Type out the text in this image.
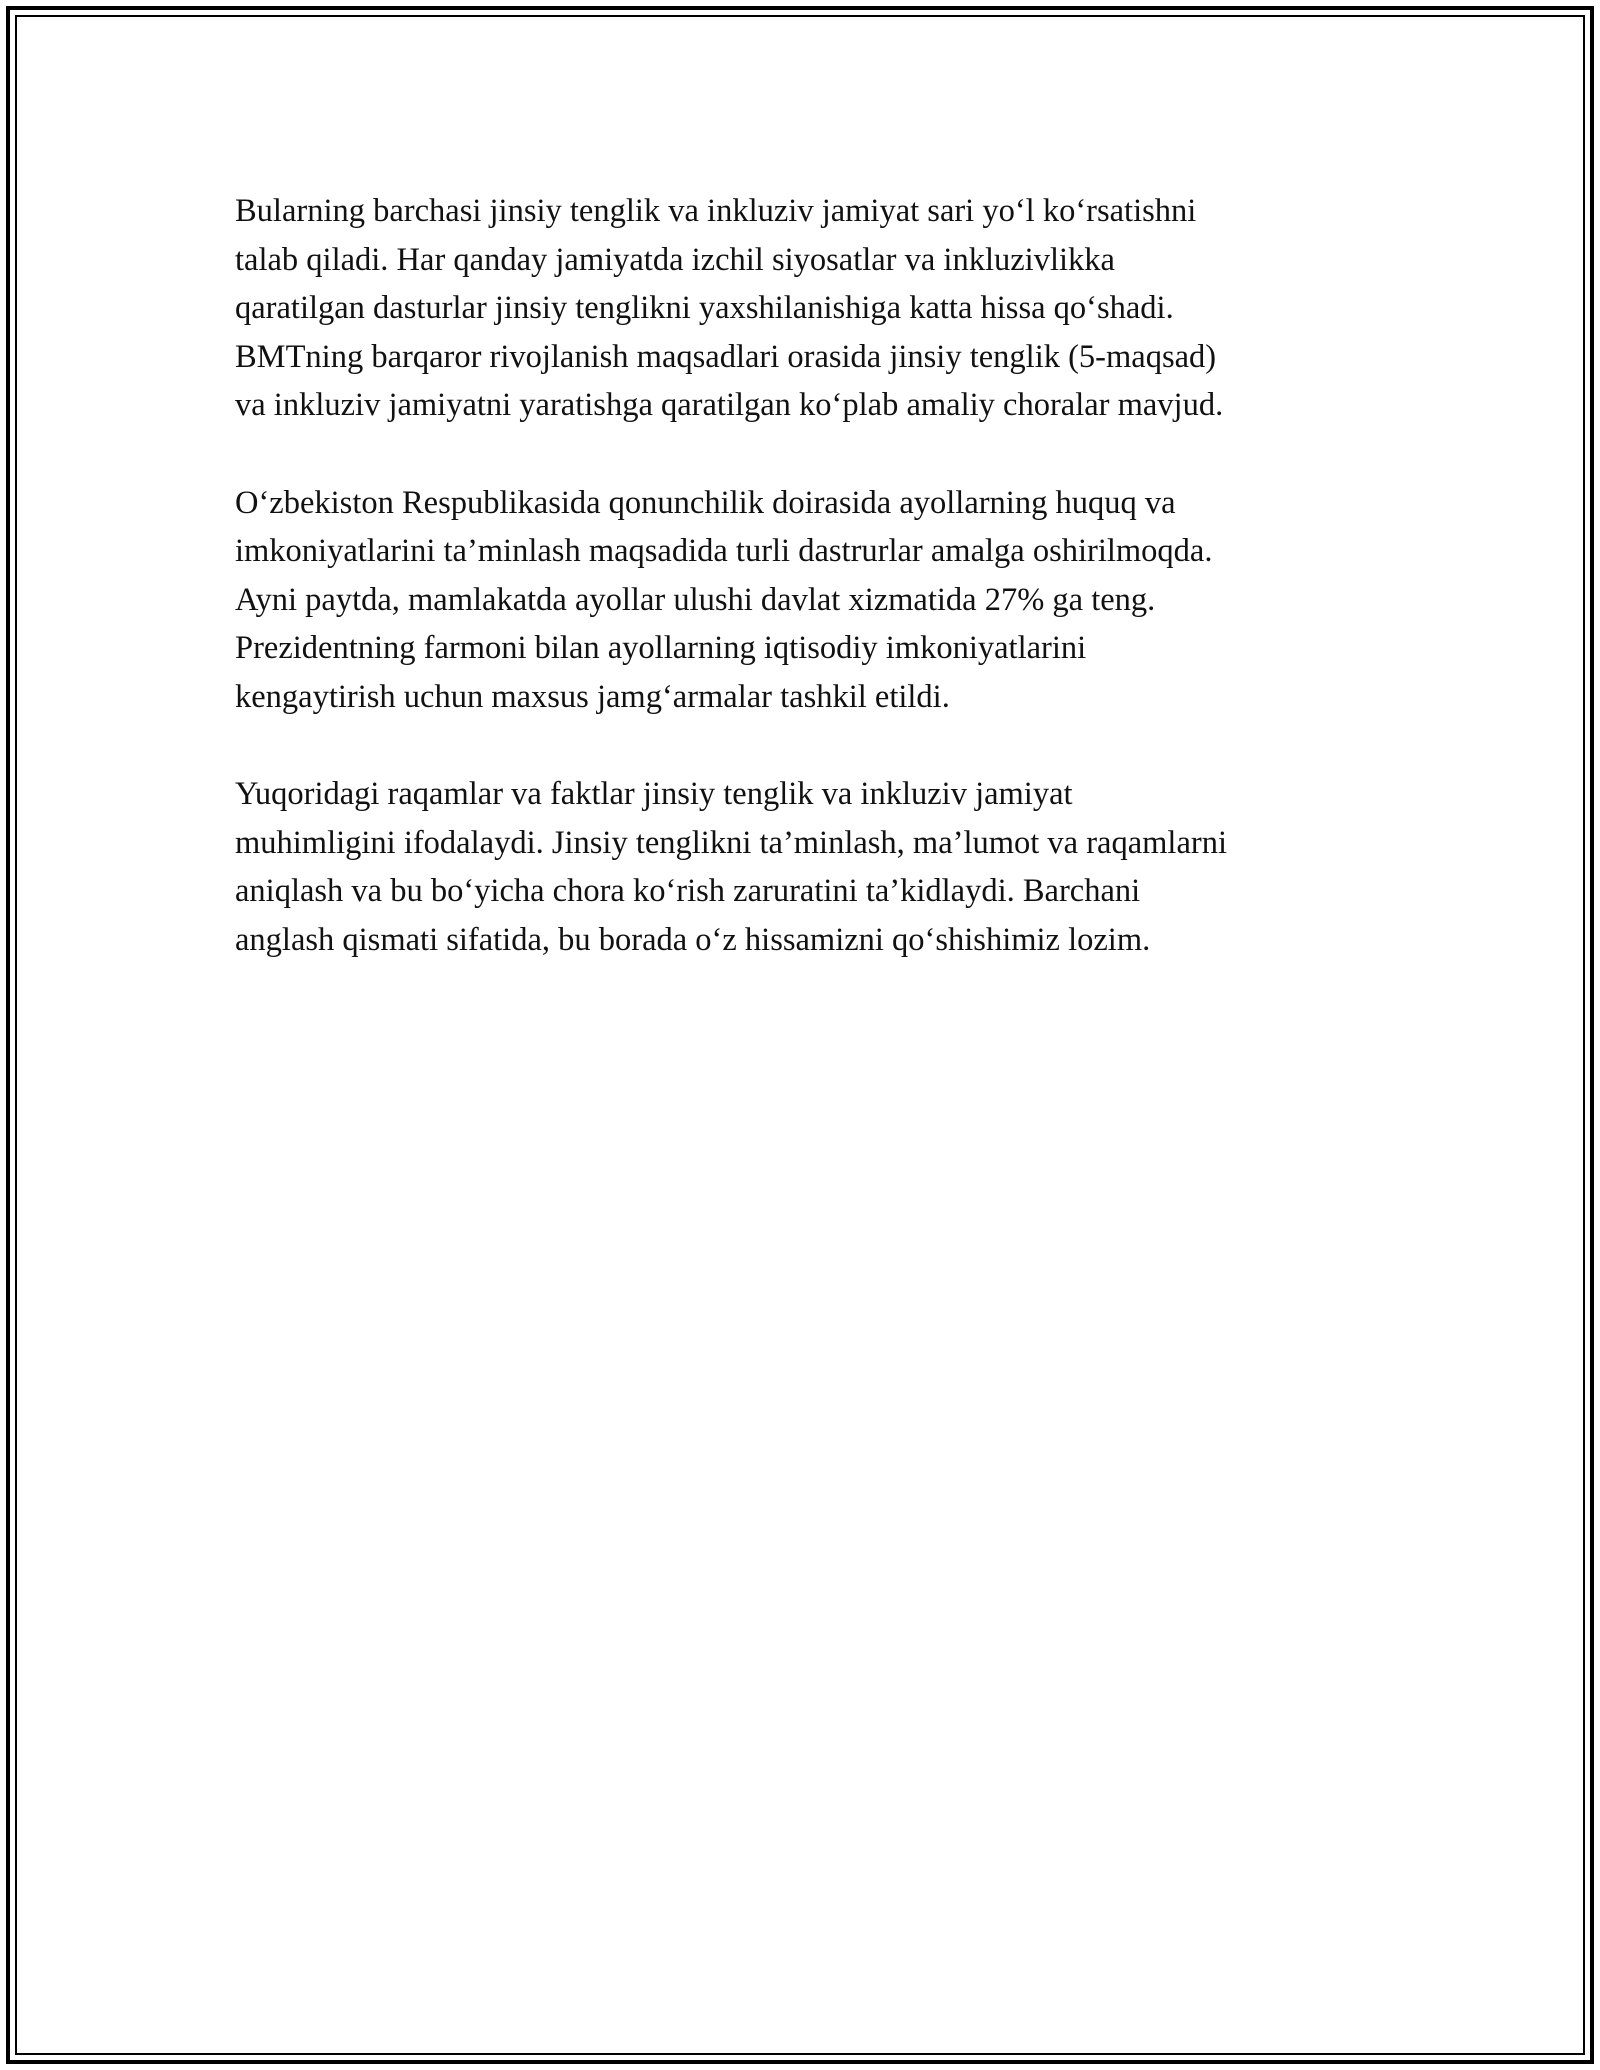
Bularning barchasi jinsiy tenglik va inkluziv jamiyat sari yo‘l ko‘rsatishni
talab qiladi. Har qanday jamiyatda izchil siyosatlar va inkluzivlikka
qaratilgan dasturlar jinsiy tenglikni yaxshilanishiga katta hissa qo‘shadi.
BMTning barqaror rivojlanish maqsadlari orasida jinsiy tenglik (5-maqsad)
va inkluziv jamiyatni yaratishga qaratilgan ko‘plab amaliy choralar mavjud.

O‘zbekiston Respublikasida qonunchilik doirasida ayollarning huquq va
imkoniyatlarini ta’minlash maqsadida turli dastrurlar amalga oshirilmoqda.
Ayni paytda, mamlakatda ayollar ulushi davlat xizmatida 27% ga teng.
Prezidentning farmoni bilan ayollarning iqtisodiy imkoniyatlarini
kengaytirish uchun maxsus jamg‘armalar tashkil etildi.

Yuqoridagi raqamlar va faktlar jinsiy tenglik va inkluziv jamiyat
muhimligini ifodalaydi. Jinsiy tenglikni ta’minlash, ma’lumot va raqamlarni
aniqlash va bu bo‘yicha chora ko‘rish zaruratini ta’kidlaydi. Barchani
anglash qismati sifatida, bu borada o‘z hissamizni qo‘shishimiz lozim.
